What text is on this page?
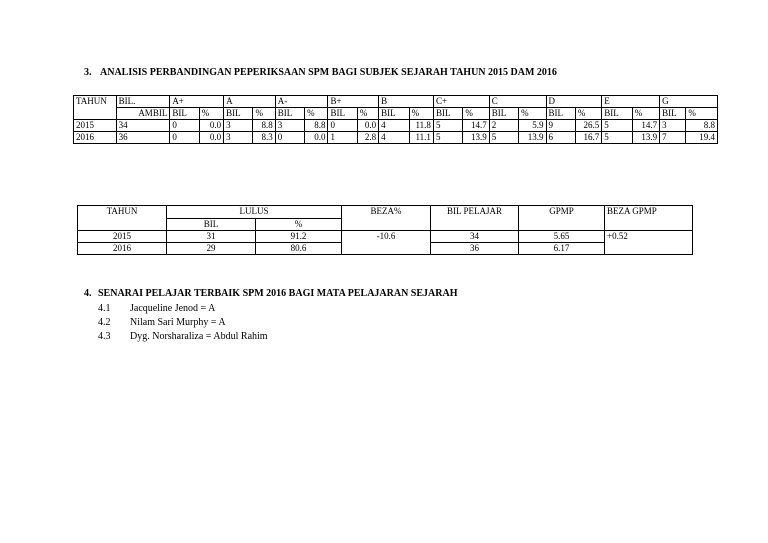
3. ANALISIS PERBANDINGAN PEPERIKSAAN SPM BAGI SUBJEK SEJARAH TAHUN 2015 DAM 2016
TAHUN	BIL.	A+		A		A-		B+		B		C+		C		D		E		G	
	AMBIL	BIL	%	BIL	%	BIL	%	BIL	%	BIL	%	BIL	%	BIL	%	BIL	%	BIL	%	BIL	%
2015	34	0	0.0	3	8.8	3	8.8	0	0.0	4	11.8	5	14.7	2	5.9	9	26.5	5	14.7	3	8.8
2016	36	0	0.0	3	8.3	0	0.0	1	2.8	4	11.1	5	13.9	5	13.9	6	16.7	5	13.9	7	19.4
TAHUN	LULUS		BEZA%	BIL PELAJAR	GPMP	BEZA GPMP
	BIL	%				
2015	31	91.2	-10.6	34	5.65	+0.52
2016	29	80.6		36	6.17	
4. SENARAI PELAJAR TERBAIK SPM 2016 BAGI MATA PELAJARAN SEJARAH
4.1 Jacqueline Jenod = A
4.2 Nilam Sari Murphy = A
4.3 Dyg. Norsharaliza = Abdul Rahim
